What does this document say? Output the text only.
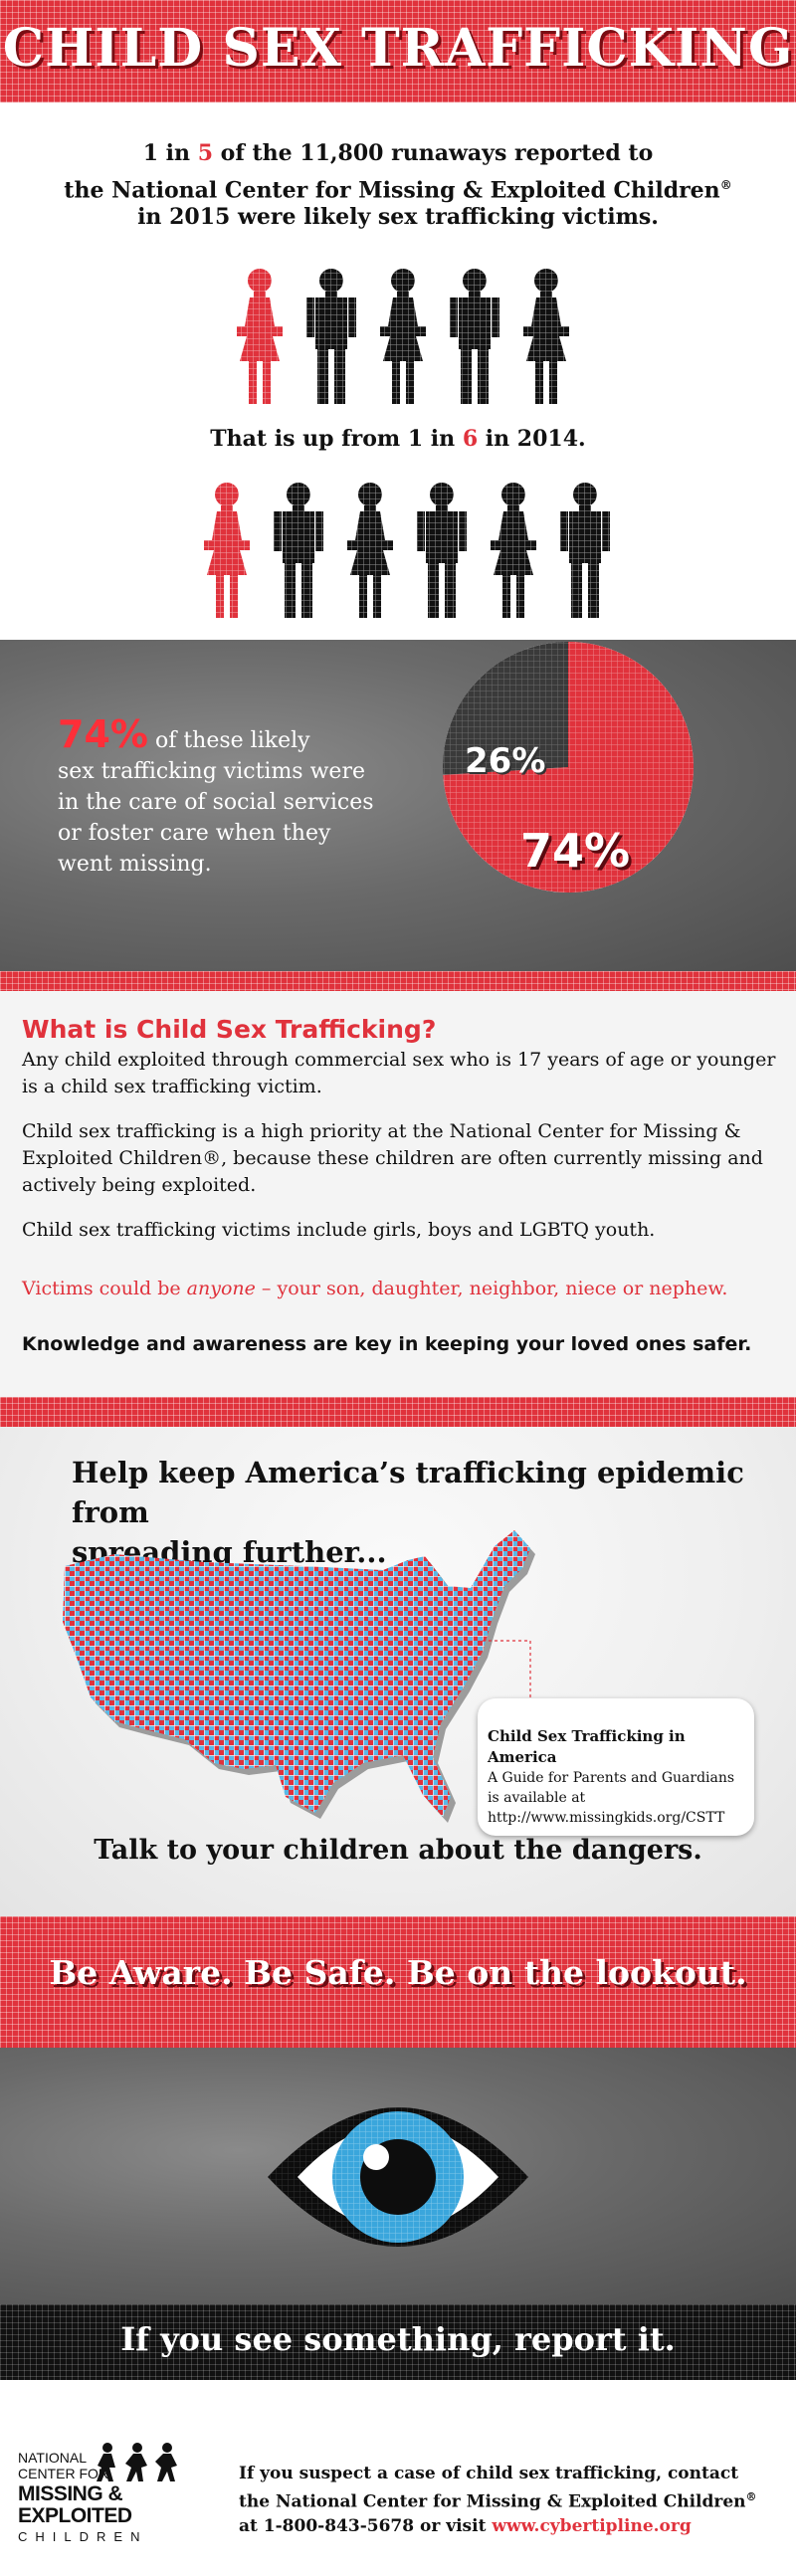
CHILD SEX TRAFFICKING
1 in 5 of the 11,800 runaways reported to
the National Center for Missing & Exploited Children®
in 2015 were likely sex trafficking victims.
That is up from 1 in 6 in 2014.
74% of these likely
sex trafficking victims were
in the care of social services
or foster care when they
went missing.
26%
74%
What is Child Sex Trafficking?

Any child exploited through commercial sex who is 17 years of age or younger is a child sex trafficking victim.

Child sex trafficking is a high priority at the National Center for Missing & Exploited Children®, because these children are often currently missing and actively being exploited.

Child sex trafficking victims include girls, boys and LGBTQ youth.

Victims could be anyone – your son, daughter, neighbor, niece or nephew.

Knowledge and awareness are key in keeping your loved ones safer.

Help keep America’s trafficking epidemic from
spreading further...
Child Sex Trafficking in America
A Guide for Parents and Guardians
is available at
http://www.missingkids.org/CSTT
Talk to your children about the dangers.
Be Aware. Be Safe. Be on the lookout.
If you see something, report it.
NATIONAL
CENTER FOR
MISSING &
EXPLOITED
CHILDREN
If you suspect a case of child sex trafficking, contact
the National Center for Missing & Exploited Children®
at 1-800-843-5678 or visit www.cybertipline.org
